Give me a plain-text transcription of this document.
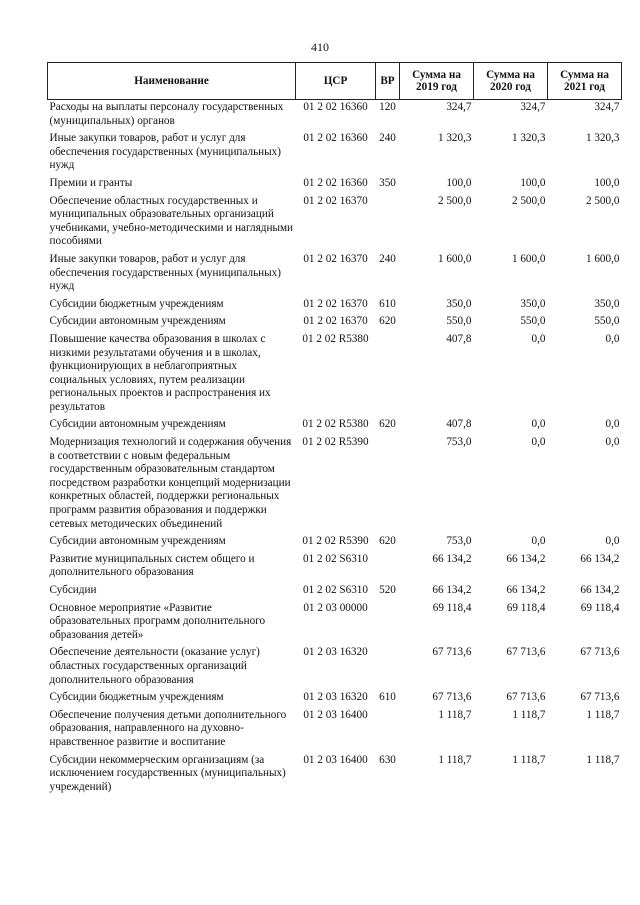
410
Наименование	ЦСР	ВР	Сумма на 2019 год	Сумма на 2020 год	Сумма на 2021 год
Расходы на выплаты персоналу государственных (муниципальных) органов	01 2 02 16360	120	324,7	324,7	324,7
Иные закупки товаров, работ и услуг для обеспечения государственных (муниципальных) нужд	01 2 02 16360	240	1 320,3	1 320,3	1 320,3
Премии и гранты	01 2 02 16360	350	100,0	100,0	100,0
Обеспечение областных государственных и муниципальных образовательных организаций учебниками, учебно-методическими и наглядными пособиями	01 2 02 16370		2 500,0	2 500,0	2 500,0
Иные закупки товаров, работ и услуг для обеспечения государственных (муниципальных) нужд	01 2 02 16370	240	1 600,0	1 600,0	1 600,0
Субсидии бюджетным учреждениям	01 2 02 16370	610	350,0	350,0	350,0
Субсидии автономным учреждениям	01 2 02 16370	620	550,0	550,0	550,0
Повышение качества образования в школах с низкими результатами обучения и в школах, функционирующих в неблагоприятных социальных условиях, путем реализации региональных проектов и распространения их результатов	01 2 02 R5380		407,8	0,0	0,0
Субсидии автономным учреждениям	01 2 02 R5380	620	407,8	0,0	0,0
Модернизация технологий и содержания обучения в соответствии с новым федеральным государственным образовательным стандартом посредством разработки концепций модернизации конкретных областей, поддержки региональных программ развития образования и поддержки сетевых методических объединений	01 2 02 R5390		753,0	0,0	0,0
Субсидии автономным учреждениям	01 2 02 R5390	620	753,0	0,0	0,0
Развитие муниципальных систем общего и дополнительного образования	01 2 02 S6310		66 134,2	66 134,2	66 134,2
Субсидии	01 2 02 S6310	520	66 134,2	66 134,2	66 134,2
Основное мероприятие «Развитие образовательных программ дополнительного образования детей»	01 2 03 00000		69 118,4	69 118,4	69 118,4
Обеспечение деятельности (оказание услуг) областных государственных организаций дополнительного образования	01 2 03 16320		67 713,6	67 713,6	67 713,6
Субсидии бюджетным учреждениям	01 2 03 16320	610	67 713,6	67 713,6	67 713,6
Обеспечение получения детьми дополнительного образования, направленного на духовно-нравственное развитие и воспитание	01 2 03 16400		1 118,7	1 118,7	1 118,7
Субсидии некоммерческим организациям (за исключением государственных (муниципальных) учреждений)	01 2 03 16400	630	1 118,7	1 118,7	1 118,7
